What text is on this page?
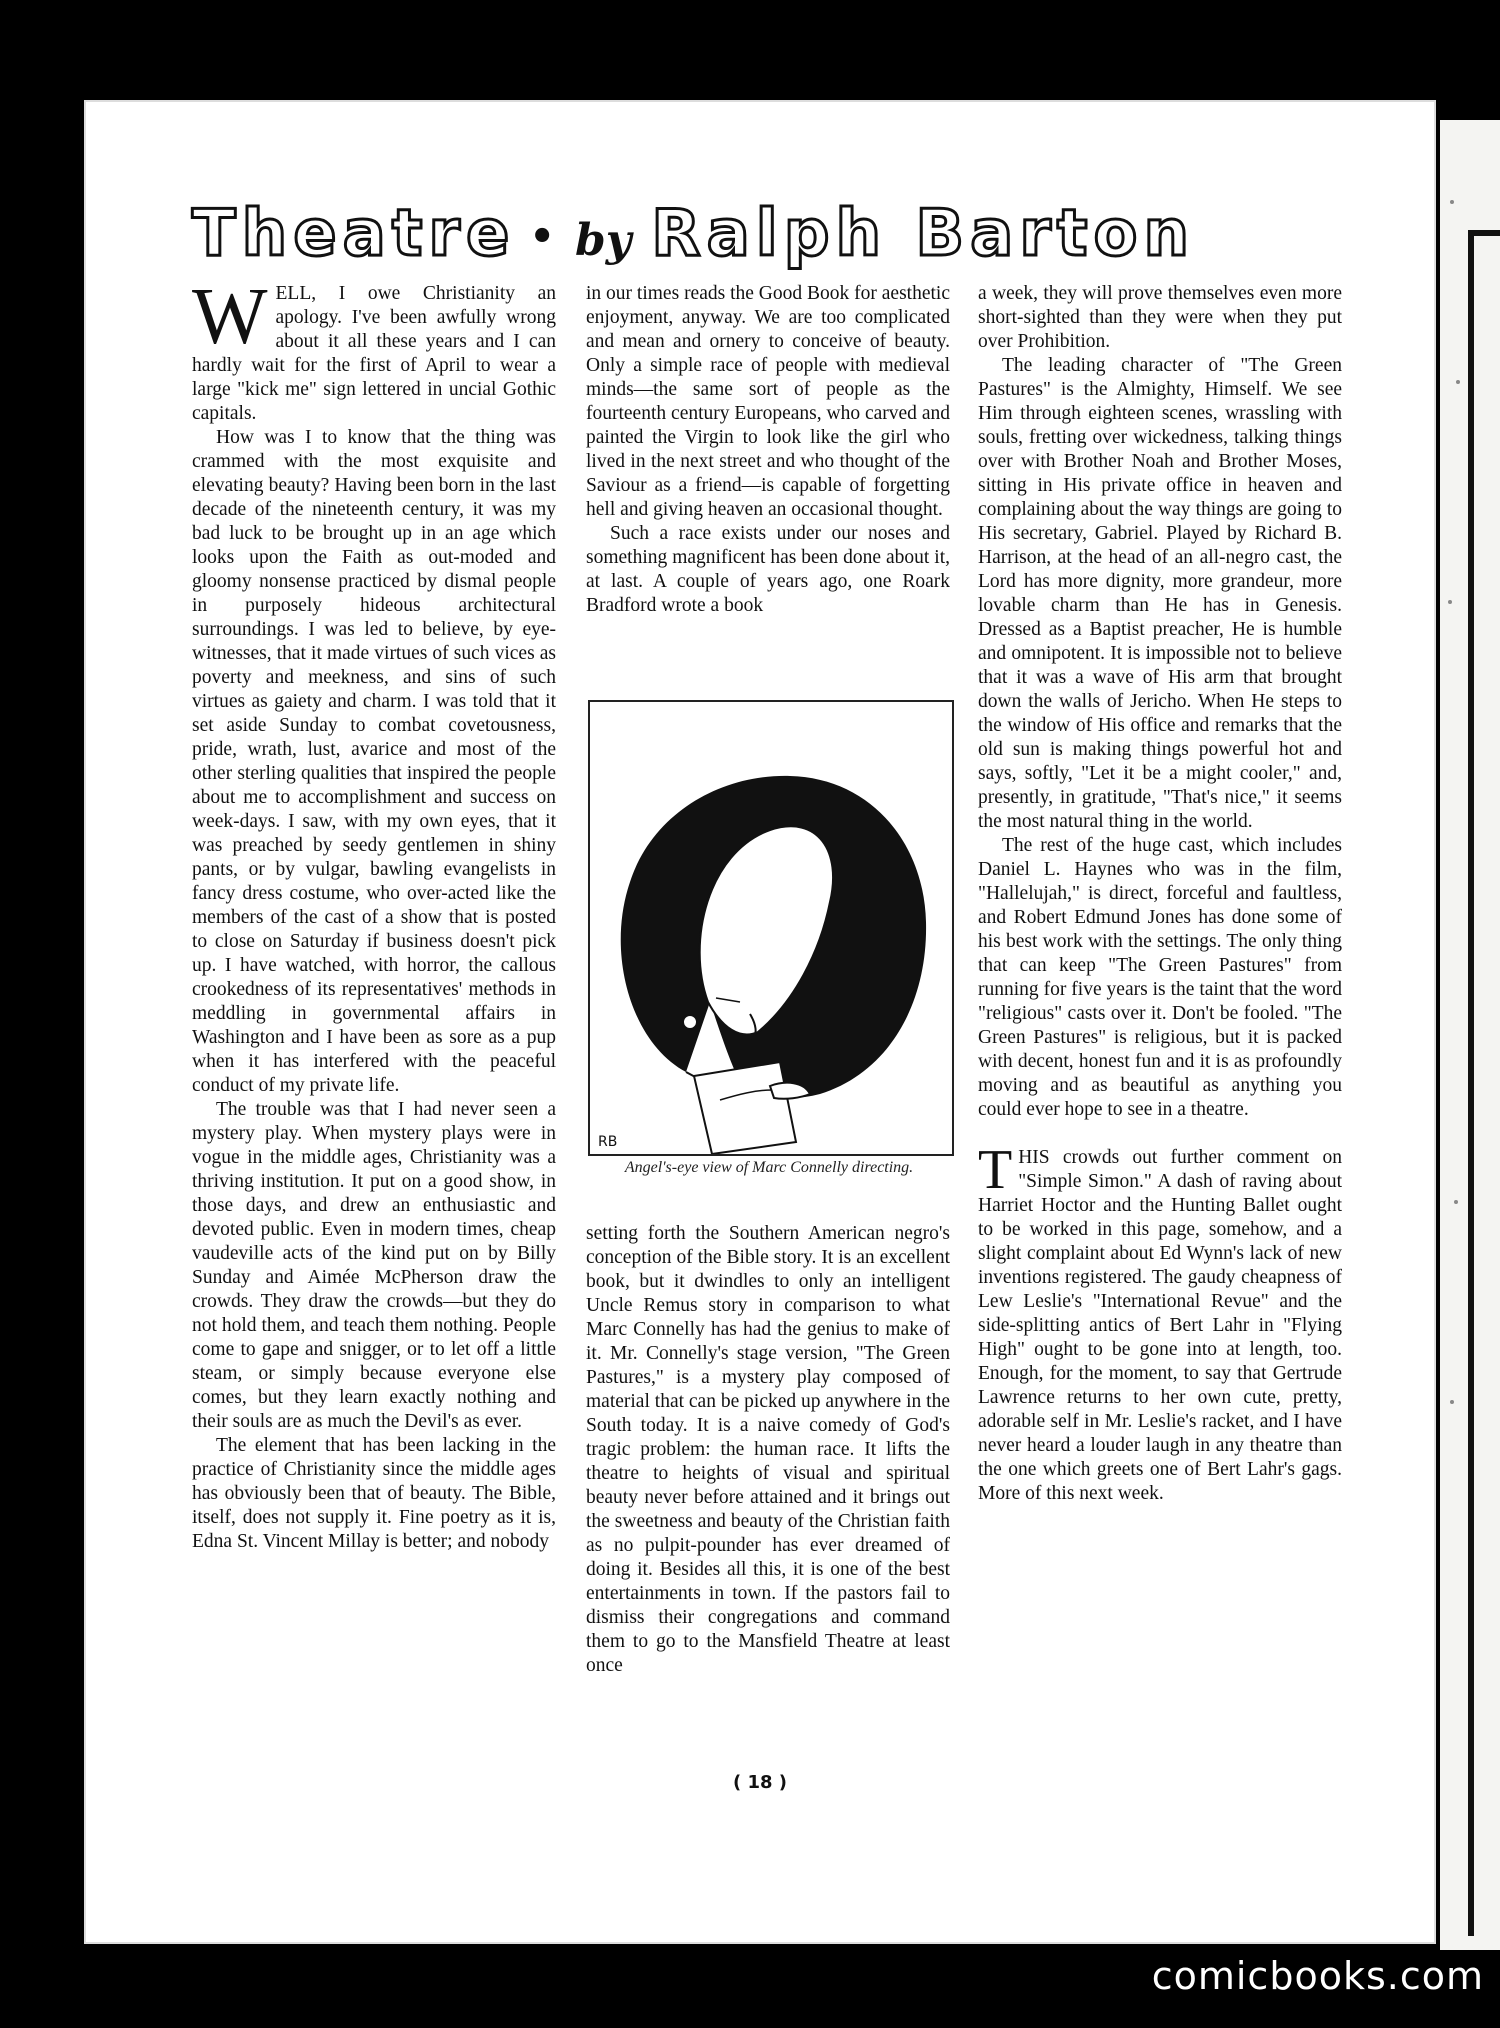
Theatre • by Ralph Barton

WELL, I owe Christianity an apology. I've been awfully wrong about it all these years and I can hardly wait for the first of April to wear a large "kick me" sign lettered in uncial Gothic capitals.

How was I to know that the thing was crammed with the most exquisite and elevating beauty? Having been born in the last decade of the nineteenth century, it was my bad luck to be brought up in an age which looks upon the Faith as out-moded and gloomy nonsense practiced by dismal people in purposely hideous architectural surroundings. I was led to believe, by eye-witnesses, that it made virtues of such vices as poverty and meekness, and sins of such virtues as gaiety and charm. I was told that it set aside Sunday to combat covetousness, pride, wrath, lust, avarice and most of the other sterling qualities that inspired the people about me to accomplishment and success on week-days. I saw, with my own eyes, that it was preached by seedy gentlemen in shiny pants, or by vulgar, bawling evangelists in fancy dress costume, who over-acted like the members of the cast of a show that is posted to close on Saturday if business doesn't pick up. I have watched, with horror, the callous crookedness of its representatives' methods in meddling in governmental affairs in Washington and I have been as sore as a pup when it has interfered with the peaceful conduct of my private life.

The trouble was that I had never seen a mystery play. When mystery plays were in vogue in the middle ages, Christianity was a thriving institution. It put on a good show, in those days, and drew an enthusiastic and devoted public. Even in modern times, cheap vaudeville acts of the kind put on by Billy Sunday and Aimée McPherson draw the crowds. They draw the crowds—but they do not hold them, and teach them nothing. People come to gape and snigger, or to let off a little steam, or simply because everyone else comes, but they learn exactly nothing and their souls are as much the Devil's as ever.

The element that has been lacking in the practice of Christianity since the middle ages has obviously been that of beauty. The Bible, itself, does not supply it. Fine poetry as it is, Edna St. Vincent Millay is better; and nobody

in our times reads the Good Book for aesthetic enjoyment, anyway. We are too complicated and mean and ornery to conceive of beauty. Only a simple race of people with medieval minds—the same sort of people as the fourteenth century Europeans, who carved and painted the Virgin to look like the girl who lived in the next street and who thought of the Saviour as a friend—is capable of forgetting hell and giving heaven an occasional thought.

Such a race exists under our noses and something magnificent has been done about it, at last. A couple of years ago, one Roark Bradford wrote a book

RB
Angel's-eye view of Marc Connelly directing.

setting forth the Southern American negro's conception of the Bible story. It is an excellent book, but it dwindles to only an intelligent Uncle Remus story in comparison to what Marc Connelly has had the genius to make of it. Mr. Connelly's stage version, "The Green Pastures," is a mystery play composed of material that can be picked up anywhere in the South today. It is a naive comedy of God's tragic problem: the human race. It lifts the theatre to heights of visual and spiritual beauty never before attained and it brings out the sweetness and beauty of the Christian faith as no pulpit-pounder has ever dreamed of doing it. Besides all this, it is one of the best entertainments in town. If the pastors fail to dismiss their congregations and command them to go to the Mansfield Theatre at least once

a week, they will prove themselves even more short-sighted than they were when they put over Prohibition.

The leading character of "The Green Pastures" is the Almighty, Himself. We see Him through eighteen scenes, wrassling with souls, fretting over wickedness, talking things over with Brother Noah and Brother Moses, sitting in His private office in heaven and complaining about the way things are going to His secretary, Gabriel. Played by Richard B. Harrison, at the head of an all-negro cast, the Lord has more dignity, more grandeur, more lovable charm than He has in Genesis. Dressed as a Baptist preacher, He is humble and omnipotent. It is impossible not to believe that it was a wave of His arm that brought down the walls of Jericho. When He steps to the window of His office and remarks that the old sun is making things powerful hot and says, softly, "Let it be a might cooler," and, presently, in gratitude, "That's nice," it seems the most natural thing in the world.

The rest of the huge cast, which includes Daniel L. Haynes who was in the film, "Hallelujah," is direct, forceful and faultless, and Robert Edmund Jones has done some of his best work with the settings. The only thing that can keep "The Green Pastures" from running for five years is the taint that the word "religious" casts over it. Don't be fooled. "The Green Pastures" is religious, but it is packed with decent, honest fun and it is as profoundly moving and as beautiful as anything you could ever hope to see in a theatre.

THIS crowds out further comment on "Simple Simon." A dash of raving about Harriet Hoctor and the Hunting Ballet ought to be worked in this page, somehow, and a slight complaint about Ed Wynn's lack of new inventions registered. The gaudy cheapness of Lew Leslie's "International Revue" and the side-splitting antics of Bert Lahr in "Flying High" ought to be gone into at length, too. Enough, for the moment, to say that Gertrude Lawrence returns to her own cute, pretty, adorable self in Mr. Leslie's racket, and I have never heard a louder laugh in any theatre than the one which greets one of Bert Lahr's gags. More of this next week.

( 18 )
comicbooks.com
